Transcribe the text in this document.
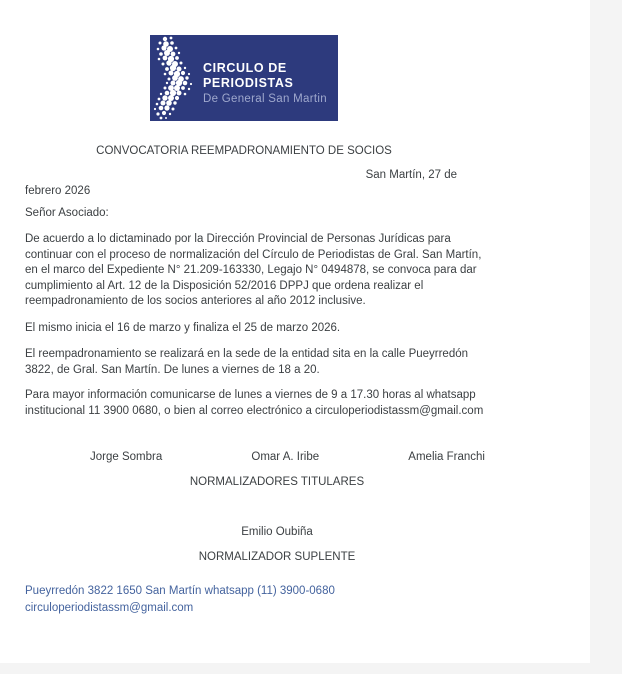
CIRCULO DE
PERIODISTAS
De General San Martin
CONVOCATORIA REEMPADRONAMIENTO DE SOCIOS
San Martín, 27 de
febrero 2026

Señor Asociado:

De acuerdo a lo dictaminado por la Dirección Provincial de Personas Jurídicas para continuar con el proceso de normalización del Círculo de Periodistas de Gral. San Martín, en el marco del Expediente N° 21.209-163330, Legajo N° 0494878, se convoca para dar cumplimiento al Art. 12 de la Disposición 52/2016 DPPJ que ordena realizar el reempadronamiento de los socios anteriores al año 2012 inclusive.

El mismo inicia el 16 de marzo y finaliza el 25 de marzo 2026.

El reempadronamiento se realizará en la sede de la entidad sita en la calle Pueyrredón 3822, de Gral. San Martín. De lunes a viernes de 18 a 20.

Para mayor información comunicarse de lunes a viernes de 9 a 17.30 horas al whatsapp institucional 11 3900 0680, o bien al correo electrónico a circuloperiodistassm@gmail.com

Jorge Sombra	Omar A. Iribe	Amelia Franchi
NORMALIZADORES TITULARES
Emilio Oubiña
NORMALIZADOR SUPLENTE
Pueyrredón 3822 1650 San Martín whatsapp (11) 3900-0680
circuloperiodistassm@gmail.com
